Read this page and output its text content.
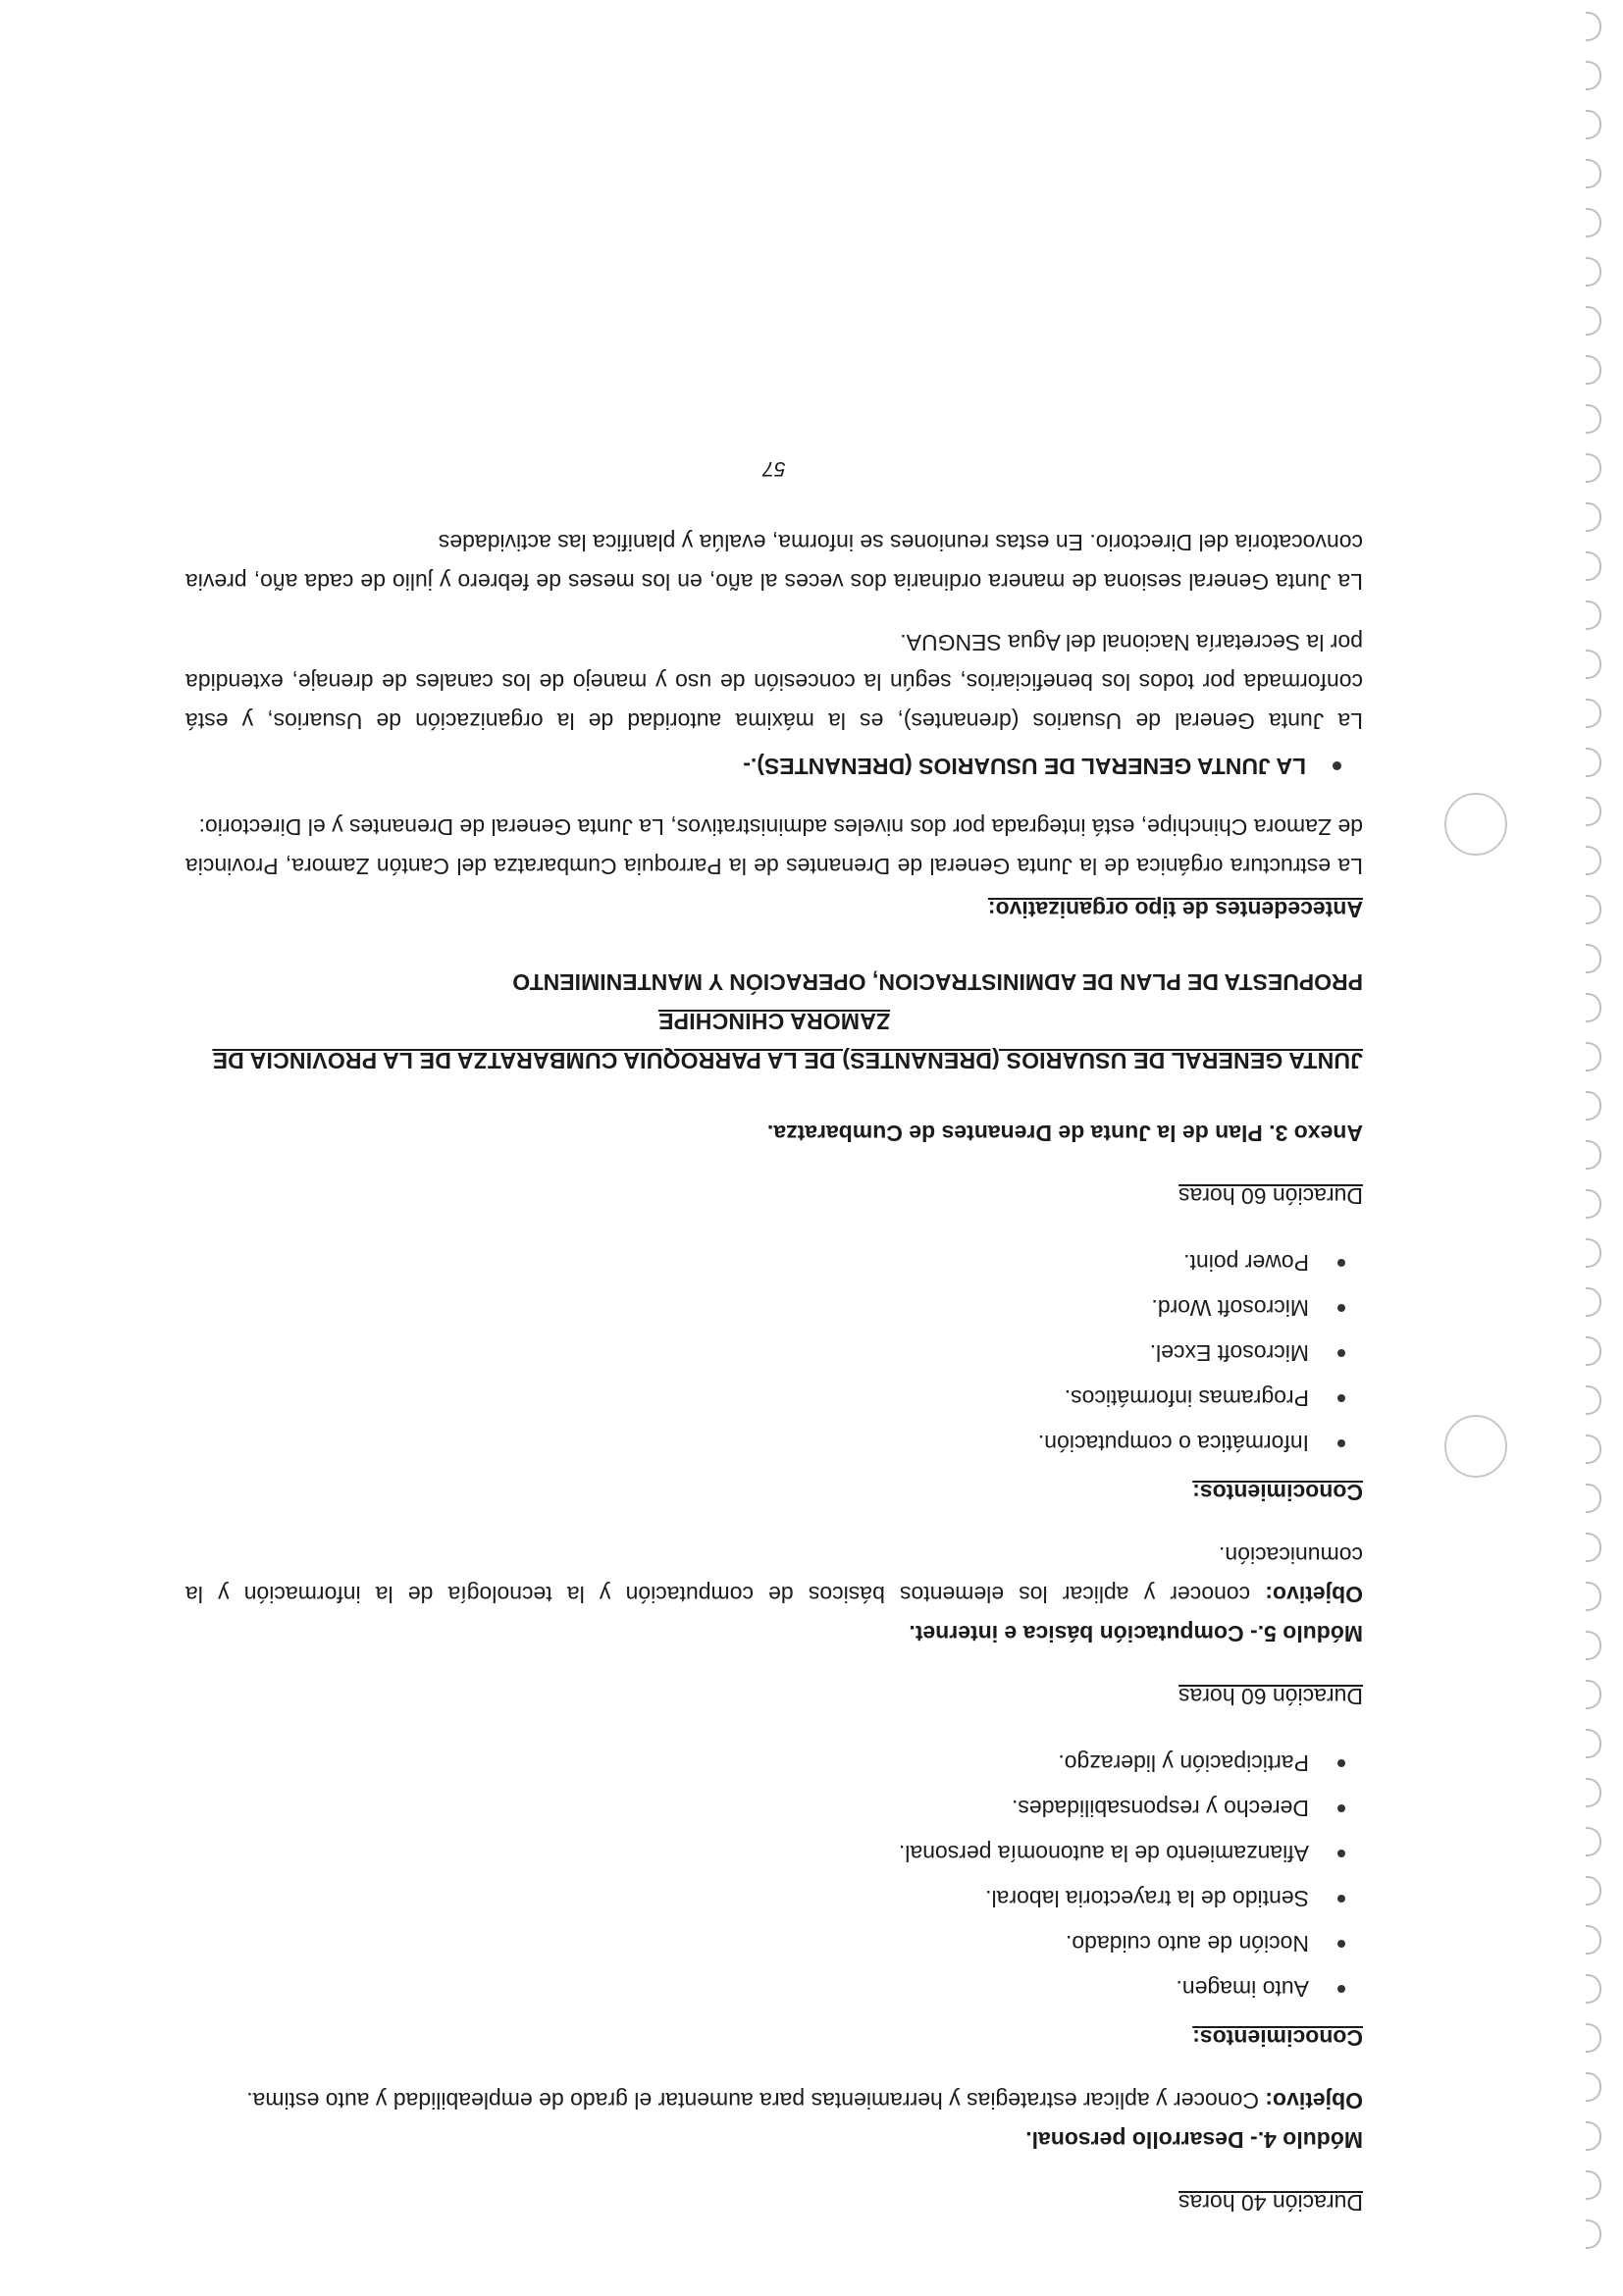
Duración 40 horas

Módulo 4.- Desarrollo personal.

Objetivo: Conocer y aplicar estrategias y herramientas para aumentar el grado de empleabilidad y auto estima.

Conocimientos:
Auto imagen.
Noción de auto cuidado.
Sentido de la trayectoria laboral.
Afianzamiento de la autonomía personal.
Derecho y responsabilidades.
Participación y liderazgo.
Duración 60 horas

Módulo 5.- Computación básica e internet.

Objetivo: conocer y aplicar los elementos básicos de computación y la tecnología de la información y la comunicación.

Conocimientos:
Informática o computación.
Programas informáticos.
Microsoft Excel.
Microsoft Word.
Power point.
Duración 60 horas

Anexo 3. Plan de la Junta de Drenantes de Cumbaratza.

JUNTA GENERAL DE USUARIOS (DRENANTES) DE LA PARROQUIA CUMBARATZA DE LA PROVINCIA DE

ZAMORA CHINCHIPE

PROPUESTA DE PLAN DE ADMINISTRACION, OPERACIÓN Y MANTENIMIENTO

Antecedentes de tipo organizativo:

La estructura orgánica de la Junta General de Drenantes de la Parroquia Cumbaratza del Cantón Zamora, Provincia de Zamora Chinchipe, está integrada por dos niveles administrativos, La Junta General de Drenantes y el Directorio:

LA JUNTA GENERAL DE USUARIOS (DRENANTES).-

La Junta General de Usuarios (drenantes), es la máxima autoridad de la organización de Usuarios, y está conformada por todos los beneficiarios, según la concesión de uso y manejo de los canales de drenaje, extendida por la Secretaría Nacional del Agua SENGUA.

La Junta General sesiona de manera ordinaria dos veces al año, en los meses de febrero y julio de cada año, previa convocatoria del Directorio. En estas reuniones se informa, evalúa y planifica las actividades

57
